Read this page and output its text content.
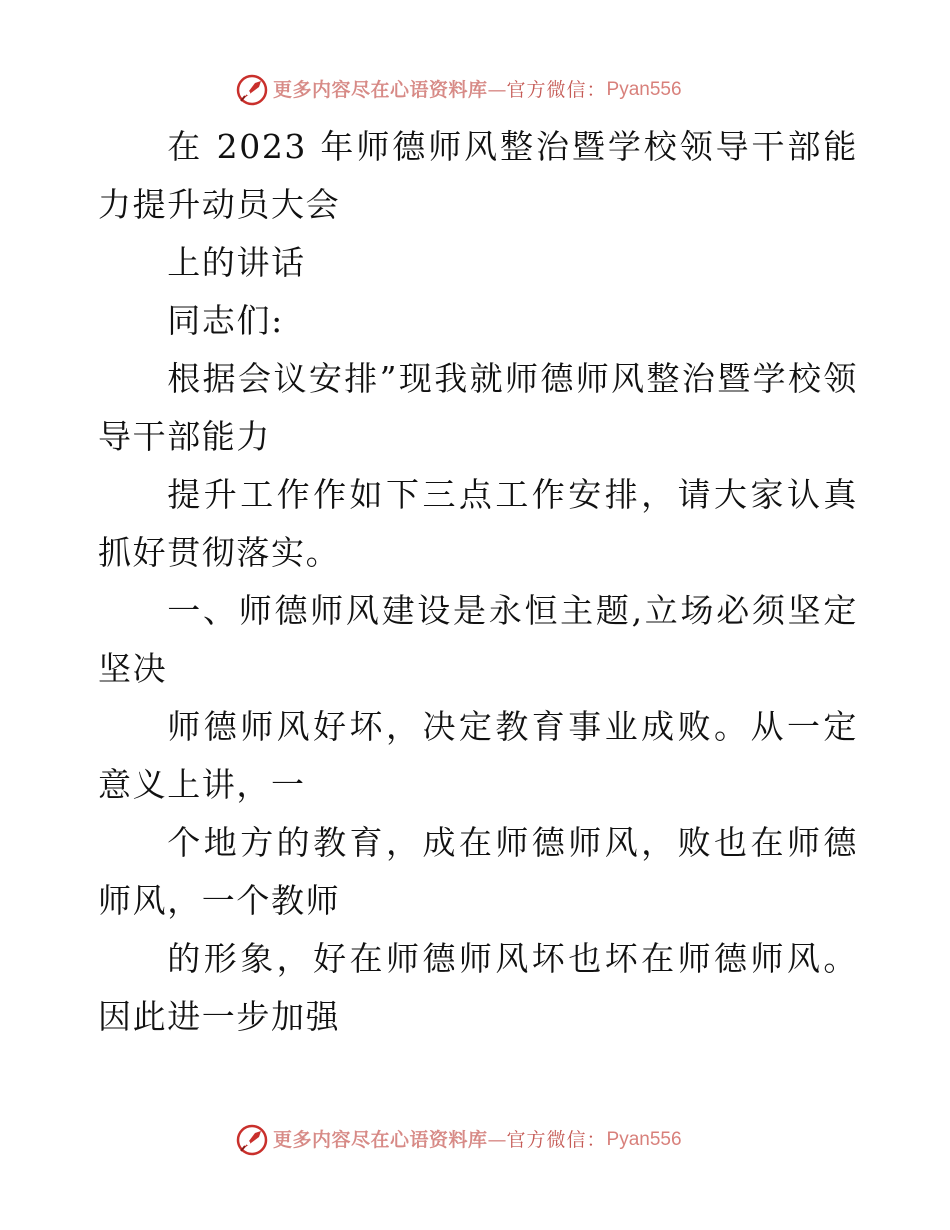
更多内容尽在心语资料库 — 官方微信： Pyan556

在 2023 年师德师风整治暨学校领导干部能力提升动员大会

上的讲话

同志们:

根据会议安排”现我就师德师风整治暨学校领导干部能力

提升工作作如下三点工作安排，请大家认真抓好贯彻落实。

一、师德师风建设是永恒主题,立场必须坚定坚决

师德师风好坏，决定教育事业成败。从一定意义上讲，一

个地方的教育，成在师德师风，败也在师德师风，一个教师

的形象，好在师德师风坏也坏在师德师风。因此进一步加强

更多内容尽在心语资料库 — 官方微信： Pyan556
